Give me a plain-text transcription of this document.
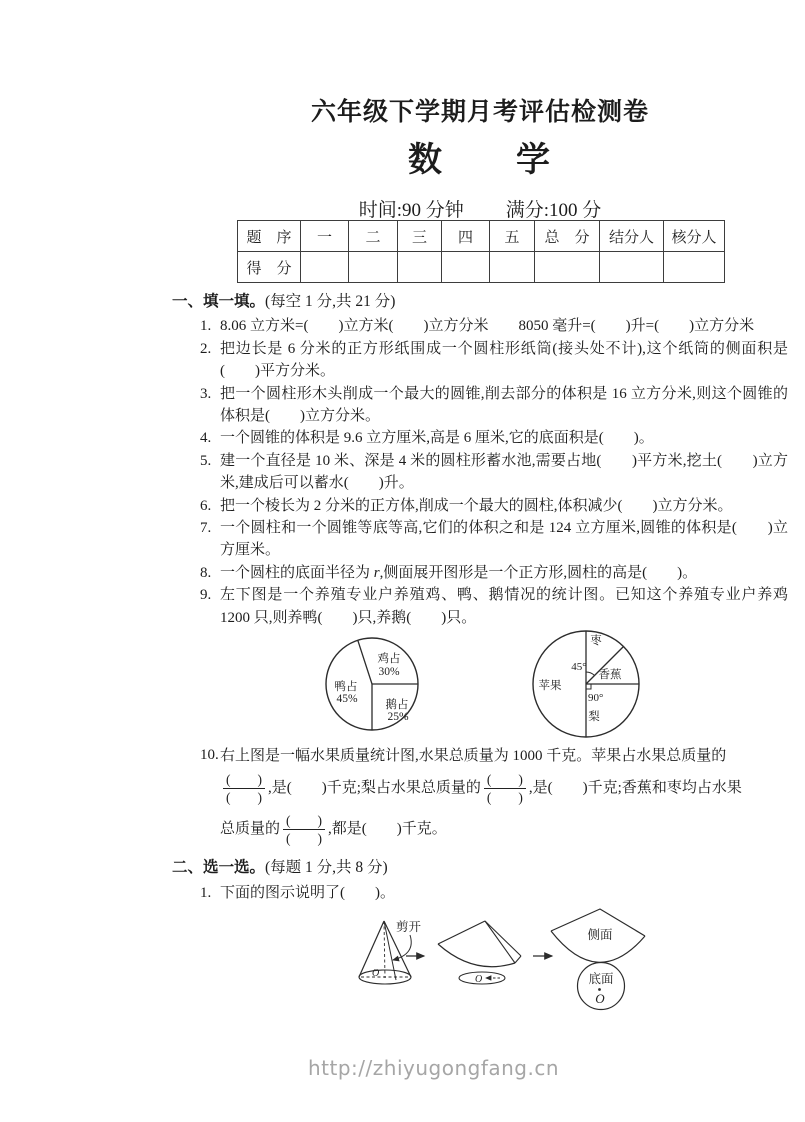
六年级下学期月考评估检测卷
数　　学
时间:90 分钟 满分:100 分
题　序	一	二	三	四	五	总　分	结分人	核分人
得　分								
一、填一填。(每空 1 分,共 21 分)
1. 8.06 立方米=(　　)立方米(　　)立方分米　　8050 毫升=(　　)升=(　　)立方分米
2. 把边长是 6 分米的正方形纸围成一个圆柱形纸筒(接头处不计),这个纸筒的侧面积是(　　)平方分米。
3. 把一个圆柱形木头削成一个最大的圆锥,削去部分的体积是 16 立方分米,则这个圆锥的体积是(　　)立方分米。
4. 一个圆锥的体积是 9.6 立方厘米,高是 6 厘米,它的底面积是(　　)。
5. 建一个直径是 10 米、深是 4 米的圆柱形蓄水池,需要占地(　　)平方米,挖土(　　)立方米,建成后可以蓄水(　　)升。
6. 把一个棱长为 2 分米的正方体,削成一个最大的圆柱,体积减少(　　)立方分米。
7. 一个圆柱和一个圆锥等底等高,它们的体积之和是 124 立方厘米,圆锥的体积是(　　)立方厘米。
8. 一个圆柱的底面半径为 r,侧面展开图形是一个正方形,圆柱的高是(　　)。
9. 左下图是一个养殖专业户养殖鸡、鸭、鹅情况的统计图。已知这个养殖专业户养鸡 1200 只,则养鸭(　　)只,养鹅(　　)只。
鸡占
30%
鸭占
45% 鹅占
25%
枣
45°
香蕉
苹果
90°
梨
10. 右上图是一幅水果质量统计图,水果总质量为 1000 千克。苹果占水果总质量的
$\frac{( )}{( )}$ ,是(　　)千克;梨占水果总质量的 $\frac{( )}{( )}$ ,是(　　)千克;香蕉和枣均占水果
总质量的 $\frac{( )}{( )}$ ,都是(　　)千克。
二、选一选。(每题 1 分,共 8 分)
1. 下面的图示说明了(　　)。
O
剪开
O
侧面
底面
O
http://zhiyugongfang.cn
